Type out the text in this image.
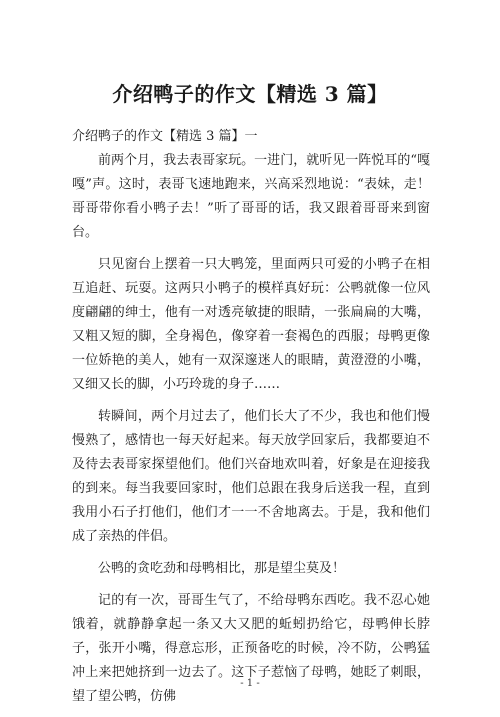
介绍鸭子的作文【精选 3 篇】
介绍鸭子的作文【精选 3 篇】一

前两个月，我去表哥家玩。一进门，就听见一阵悦耳的“嘎嘎”声。这时，表哥飞速地跑来，兴高采烈地说：“表妹，走！哥哥带你看小鸭子去！”听了哥哥的话，我又跟着哥哥来到窗台。

只见窗台上摆着一只大鸭笼，里面两只可爱的小鸭子在相互追赶、玩耍。这两只小鸭子的模样真好玩：公鸭就像一位风度翩翩的绅士，他有一对透亮敏捷的眼睛，一张扁扁的大嘴，又粗又短的脚，全身褐色，像穿着一套褐色的西服；母鸭更像一位娇艳的美人，她有一双深邃迷人的眼睛，黄澄澄的小嘴，又细又长的脚，小巧玲珑的身子……

转瞬间，两个月过去了，他们长大了不少，我也和他们慢慢熟了，感情也一每天好起来。每天放学回家后，我都要迫不及待去表哥家探望他们。他们兴奋地欢叫着，好象是在迎接我的到来。每当我要回家时，他们总跟在我身后送我一程，直到我用小石子打他们，他们才一一不舍地离去。于是，我和他们成了亲热的伴侣。

公鸭的贪吃劲和母鸭相比，那是望尘莫及！

记的有一次，哥哥生气了，不给母鸭东西吃。我不忍心她饿着，就静静拿起一条又大又肥的蚯蚓扔给它，母鸭伸长脖子，张开小嘴，得意忘形，正预备吃的时候，冷不防，公鸭猛冲上来把她挤到一边去了。这下子惹恼了母鸭，她眨了刺眼，望了望公鸭，仿佛

- 1 -
